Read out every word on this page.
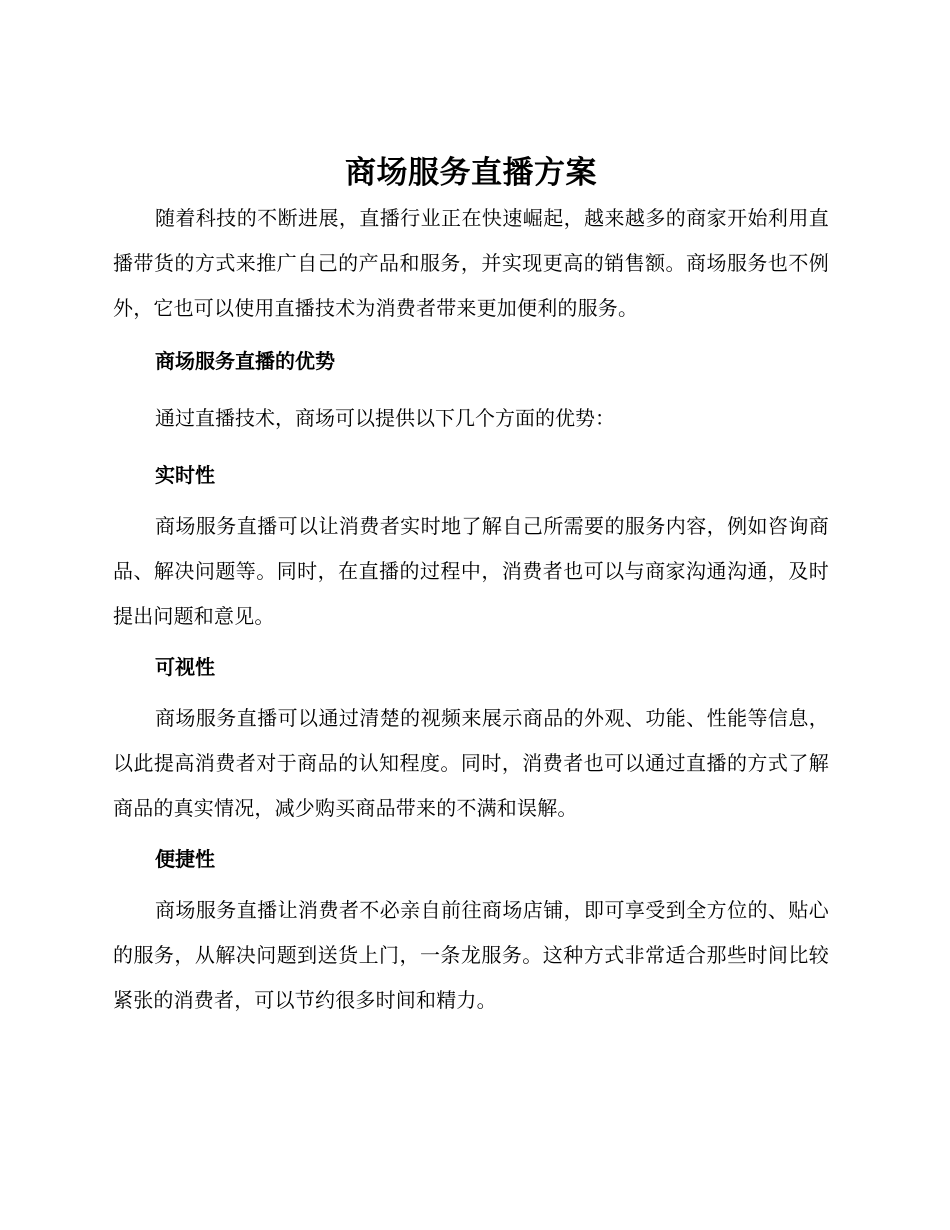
商场服务直播方案

随着科技的不断进展，直播行业正在快速崛起，越来越多的商家开始利用直播带货的方式来推广自己的产品和服务，并实现更高的销售额。商场服务也不例外，它也可以使用直播技术为消费者带来更加便利的服务。

商场服务直播的优势

通过直播技术，商场可以提供以下几个方面的优势：

实时性

商场服务直播可以让消费者实时地了解自己所需要的服务内容，例如咨询商品、解决问题等。同时，在直播的过程中，消费者也可以与商家沟通沟通，及时提出问题和意见。

可视性

商场服务直播可以通过清楚的视频来展示商品的外观、功能、性能等信息，以此提高消费者对于商品的认知程度。同时，消费者也可以通过直播的方式了解商品的真实情况，减少购买商品带来的不满和误解。

便捷性

商场服务直播让消费者不必亲自前往商场店铺，即可享受到全方位的、贴心的服务，从解决问题到送货上门，一条龙服务。这种方式非常适合那些时间比较紧张的消费者，可以节约很多时间和精力。
